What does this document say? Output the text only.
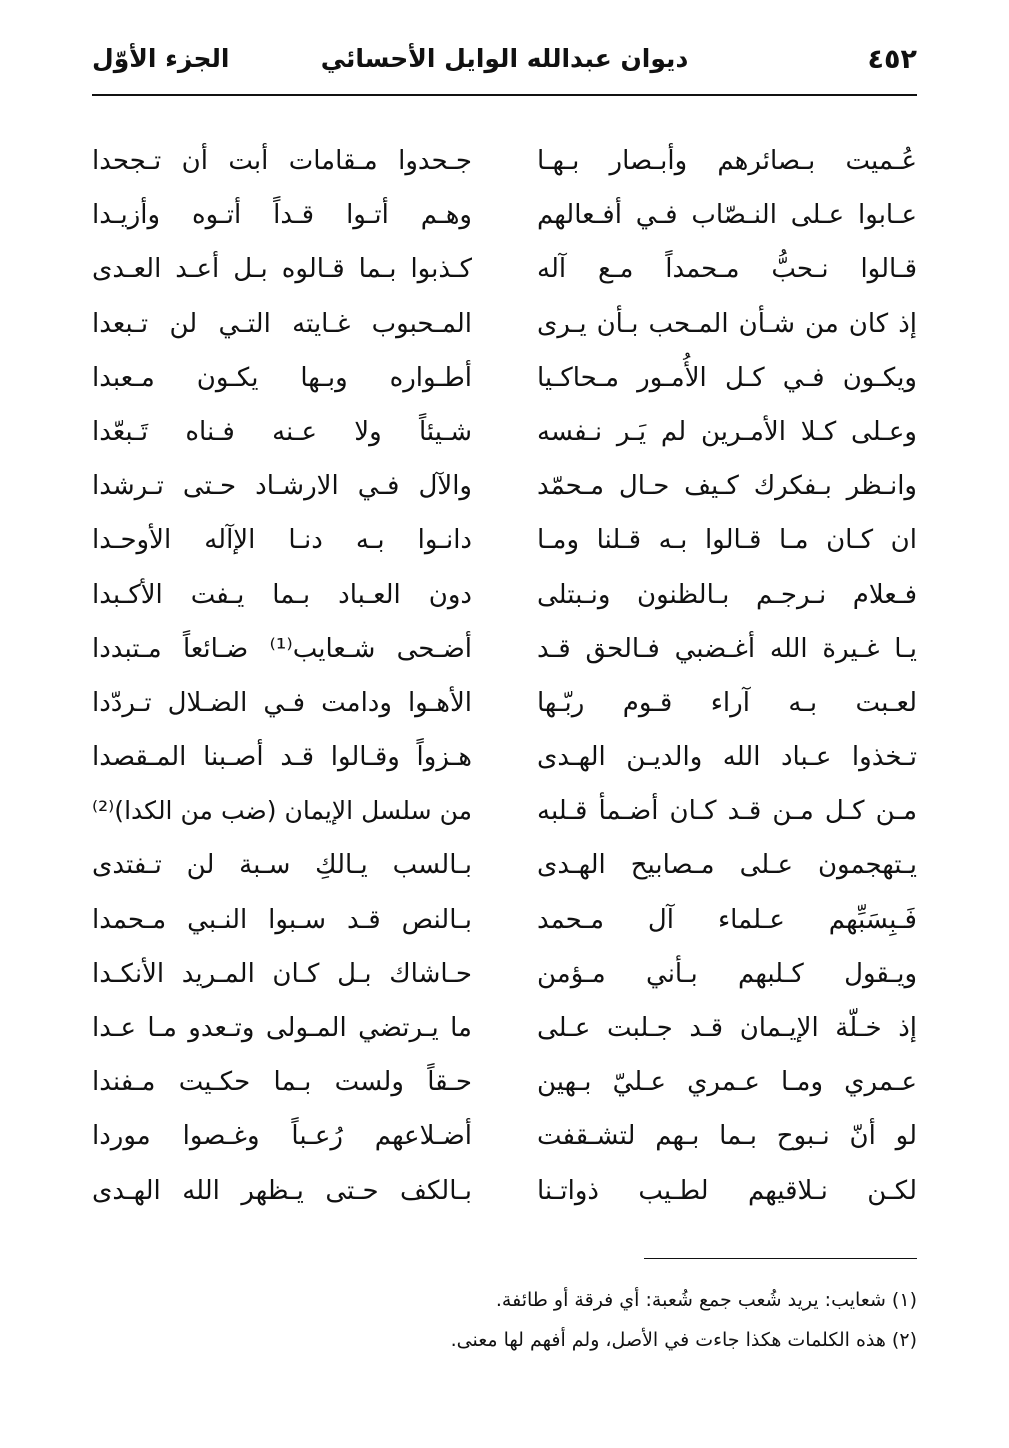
٤٥٢
ديوان عبدالله الوايل الأحسائي
الجزء الأوّل
عُـميت بـصائرهم وأبـصار بـهـا
جـحدوا مـقامات أبت أن تـجحدا
عـابوا عـلى النـصّاب فـي أفـعالهم
وهـم أتـوا قـداً أتـوه وأزيـدا
قـالوا نـحبُّ مـحمداً مـع آله
كـذبوا بـما قـالوه بـل أعـد العـدى
إذ كان من شـأن المـحب بـأن يـرى
المـحبوب غـايته التـي لن تـبعدا
ويكـون فـي كـل الأُمـور مـحاكـيا
أطـواره وبـها يكـون مـعبدا
وعـلى كـلا الأمـرين لم يَـر نـفسه
شـيئاً ولا عـنه فـناه تَـبعّدا
وانـظر بـفكرك كـيف حـال مـحمّد
والآل فـي الارشـاد حـتى تـرشدا
ان كـان مـا قـالوا بـه قـلنا ومـا
دانـوا بـه دنـا الإآله الأوحـدا
فـعلام نـرجـم بـالظنون ونـبتلى
دون العـباد بـما يـفت الأكـبدا
يـا غـيرة الله أغـضبي فـالحق قـد
أضـحى شـعايب⁽¹⁾ ضـائعاً مـتبددا
لعـبت بـه آراء قـوم ربّـها
الأهـوا ودامت فـي الضـلال تـردّدا
تـخذوا عـباد الله والديـن الهـدى
هـزواً وقـالوا قـد أصـبنا المـقصدا
مـن كـل مـن قـد كـان أضـمأ قـلبه
من سلسل الإيمان (ضب من الكدا)⁽²⁾
يـتهجمون عـلى مـصابيح الهـدى
بـالسب يـالكِ سـبة لن تـفتدى
فَـبِسَبِّهم عـلماء آل مـحمد
بـالنص قـد سـبوا النـبي مـحمدا
ويـقول كـلبهم بـأني مـؤمن
حـاشاك بـل كـان المـريد الأنكـدا
إذ خـلّة الإيـمان قـد جـلبت عـلى
ما يـرتضي المـولى وتـعدو مـا عـدا
عـمري ومـا عـمري عـليّ بـهين
حـقاً ولست بـما حكـيت مـفندا
لو أنّ نـبوح بـما بـهم لتشـقفت
أضـلاعهم رُعـباً وغـصوا موردا
لكـن نـلاقيهم لطـيب ذواتـنا
بـالكف حـتى يـظهر الله الهـدى
(١) شعايب: يريد شُعب جمع شُعبة: أي فرقة أو طائفة.
(٢) هذه الكلمات هكذا جاءت في الأصل، ولم أفهم لها معنى.
